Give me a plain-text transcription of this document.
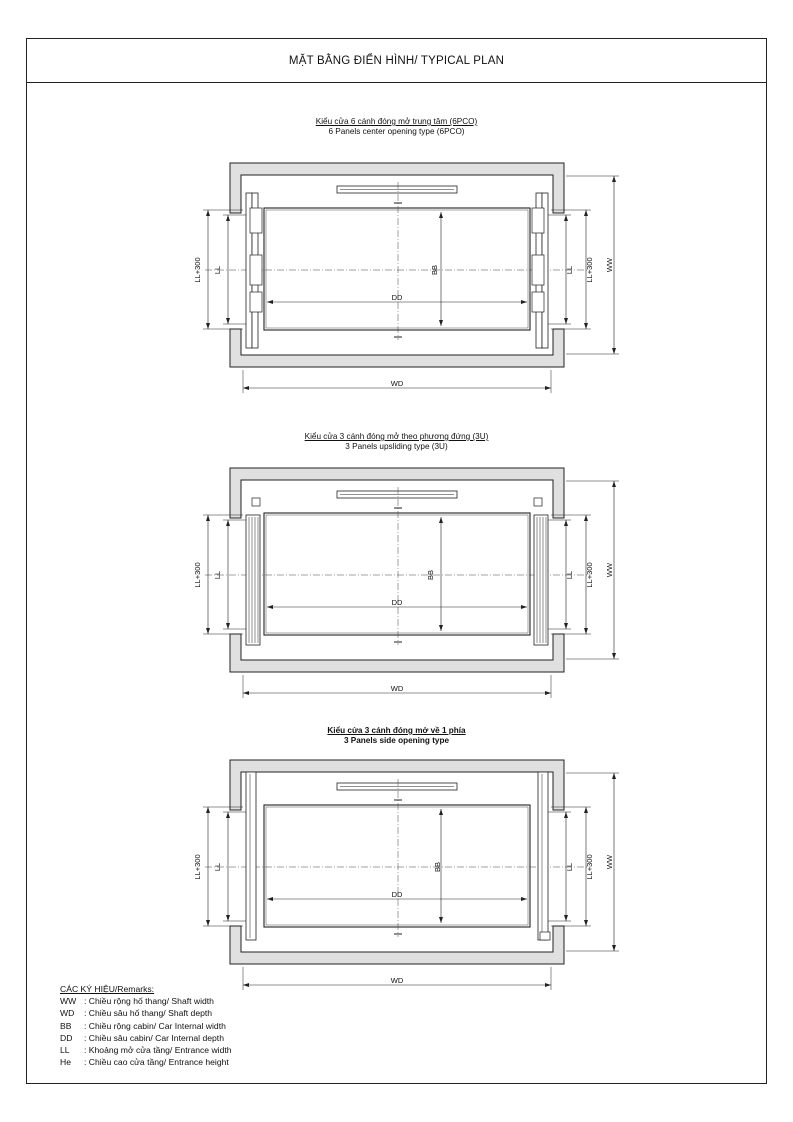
MẶT BẰNG ĐIỂN HÌNH/ TYPICAL PLAN
Kiểu cửa 6 cánh đóng mở trung tâm (6PCO)
6 Panels center opening type (6PCO)
Kiểu cửa 3 cánh đóng mở theo phương đứng (3U)
3 Panels upsliding type (3U)
Kiểu cửa 3 cánh đóng mở về 1 phía
3 Panels side opening type
LL+300 LL	BB
DD
LL LL+300 WW
WD
LL+300 LL	BB
DD
LL LL+300 WW
WD
LL+300 LL	BB
DD
LL LL+300 WW
WD
CÁC KÝ HIỆU/Remarks:
WW : Chiều rộng hố thang/ Shaft width
WD : Chiều sâu hố thang/ Shaft depth
BB : Chiều rộng cabin/ Car Internal width
DD : Chiều sâu cabin/ Car Internal depth
LL : Khoảng mở cửa tầng/ Entrance width
He : Chiều cao cửa tầng/ Entrance height
